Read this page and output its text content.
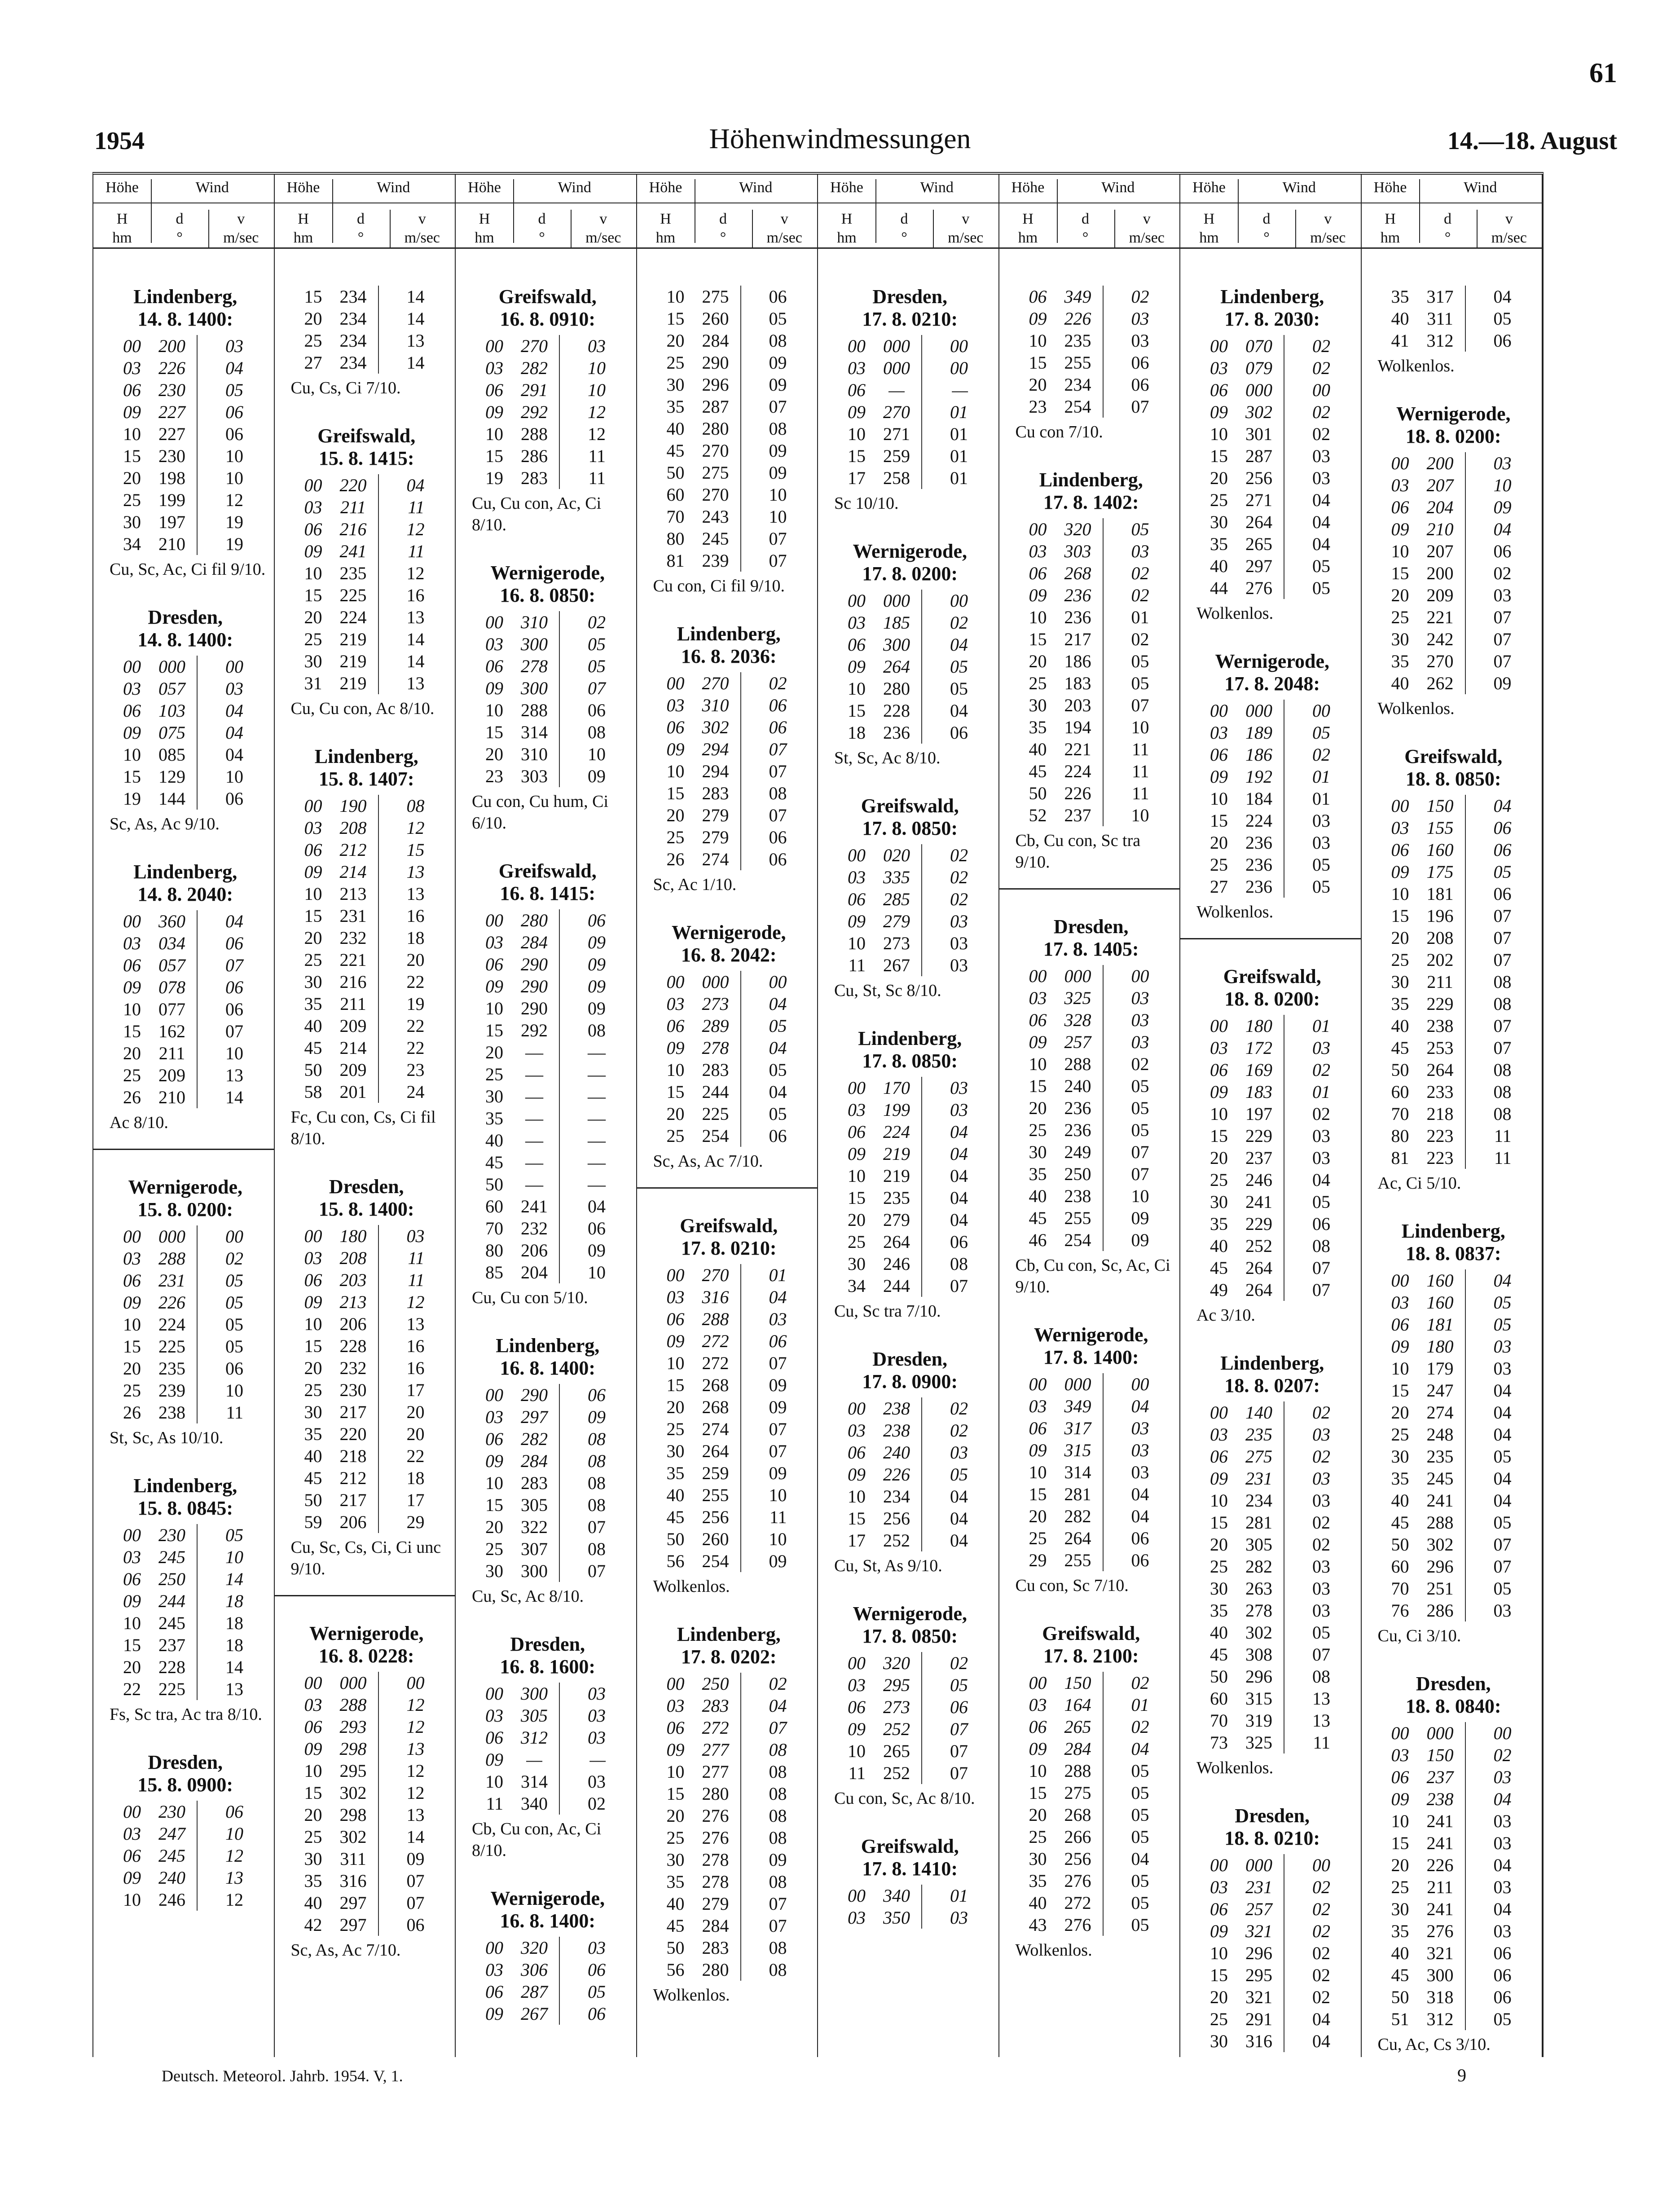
61
1954	Höhenwindmessungen	14.—18. August
Höhe	Wind
H
hm
d
°
v
m/sec
Lindenberg,
14. 8. 1400:
00 200	03
03 226	04
06 230	05
09 227	06
10 227	06
15 230	10
20 198	10
25 199	12
30 197	19
34 210	19
Cu, Sc, Ac, Ci fil 9/10.
Dresden,
14. 8. 1400:
00 000	00
03 057	03
06 103	04
09 075	04
10 085	04
15 129	10
19 144	06
Sc, As, Ac 9/10.
Lindenberg,
14. 8. 2040:
00 360	04
03 034	06
06 057	07
09 078	06
10 077	06
15 162	07
20 211	10
25 209	13
26 210	14
Ac 8/10.
Wernigerode,
15. 8. 0200:
00 000	00
03 288	02
06 231	05
09 226	05
10 224	05
15 225	05
20 235	06
25 239	10
26 238	11
St, Sc, As 10/10.
Lindenberg,
15. 8. 0845:
00 230	05
03 245	10
06 250	14
09 244	18
10 245	18
15 237	18
20 228	14
22 225	13
Fs, Sc tra, Ac tra 8/10.
Dresden,
15. 8. 0900:
00 230	06
03 247	10
06 245	12
09 240	13
10 246	12
Höhe	Wind
H
hm
d
°
v
m/sec
15 234	14
20 234	14
25 234	13
27 234	14
Cu, Cs, Ci 7/10.
Greifswald,
15. 8. 1415:
00 220	04
03	211	11
06 216	12
09 241	11
10 235	12
15 225	16
20 224	13
25 219	14
30 219	14
31 219	13
Cu, Cu con, Ac 8/10.
Lindenberg,
15. 8. 1407:
00 190	08
03 208	12
06 212	15
09 214	13
10 213	13
15 231	16
20 232	18
25 221	20
30 216	22
35 211	19
40 209	22
45 214	22
50 209	23
58 201	24
Fc, Cu con, Cs, Ci fil 8/10.
Dresden,
15. 8. 1400:
00 180	03
03 208	11
06 203	11
09 213	12
10 206	13
15 228	16
20 232	16
25 230	17
30 217	20
35 220	20
40 218	22
45 212	18
50 217	17
59 206	29
Cu, Sc, Cs, Ci, Ci unc 9/10.
Wernigerode,
16. 8. 0228:
00 000	00
03 288	12
06 293	12
09 298	13
10 295	12
15 302	12
20 298	13
25 302	14
30 311	09
35 316	07
40 297	07
42 297	06
Sc, As, Ac 7/10.
Höhe	Wind
H
hm
d
°
v
m/sec
Greifswald,
16. 8. 0910:
00 270	03
03 282	10
06 291	10
09 292	12
10 288	12
15 286	11
19 283	11
Cu, Cu con, Ac, Ci 8/10.
Wernigerode,
16. 8. 0850:
00 310	02
03 300	05
06 278	05
09 300	07
10 288	06
15 314	08
20 310	10
23 303	09
Cu con, Cu hum, Ci 6/10.
Greifswald,
16. 8. 1415:
00 280	06
03 284	09
06 290	09
09 290	09
10 290	09
15 292	08
20	—	—
25	—	—
30	—	—
35	—	—
40	—	—
45	—	—
50	—	—
60 241	04
70 232	06
80 206	09
85 204	10
Cu, Cu con 5/10.
Lindenberg,
16. 8. 1400:
00 290	06
03 297	09
06 282	08
09 284	08
10 283	08
15 305	08
20 322	07
25 307	08
30 300	07
Cu, Sc, Ac 8/10.
Dresden,
16. 8. 1600:
00 300	03
03 305	03
06 312	03
09	—	—
10 314	03
11 340	02
Cb, Cu con, Ac, Ci 8/10.
Wernigerode,
16. 8. 1400:
00 320	03
03 306	06
06 287	05
09 267	06
Höhe	Wind
H
hm
d
°
v
m/sec
10 275	06
15 260	05
20 284	08
25 290	09
30 296	09
35 287	07
40 280	08
45 270	09
50 275	09
60 270	10
70 243	10
80 245	07
81 239	07
Cu con, Ci fil 9/10.
Lindenberg,
16. 8. 2036:
00 270	02
03 310	06
06 302	06
09 294	07
10 294	07
15 283	08
20 279	07
25 279	06
26 274	06
Sc, Ac 1/10.
Wernigerode,
16. 8. 2042:
00 000	00
03 273	04
06 289	05
09 278	04
10 283	05
15 244	04
20 225	05
25 254	06
Sc, As, Ac 7/10.
Greifswald,
17. 8. 0210:
00 270	01
03 316	04
06 288	03
09 272	06
10 272	07
15 268	09
20 268	09
25 274	07
30 264	07
35 259	09
40 255	10
45 256	11
50 260	10
56 254	09
Wolkenlos.
Lindenberg,
17. 8. 0202:
00 250	02
03 283	04
06 272	07
09 277	08
10 277	08
15 280	08
20 276	08
25 276	08
30 278	09
35 278	08
40 279	07
45 284	07
50 283	08
56 280	08
Wolkenlos.
Höhe	Wind
H
hm
d
°
v
m/sec
Dresden,
17. 8. 0210:
00 000	00
03 000	00
06	—	—
09 270	01
10 271	01
15 259	01
17 258	01
Sc 10/10.
Wernigerode,
17. 8. 0200:
00 000	00
03 185	02
06 300	04
09 264	05
10 280	05
15 228	04
18 236	06
St, Sc, Ac 8/10.
Greifswald,
17. 8. 0850:
00 020	02
03 335	02
06 285	02
09 279	03
10 273	03
11 267	03
Cu, St, Sc 8/10.
Lindenberg,
17. 8. 0850:
00 170	03
03 199	03
06 224	04
09 219	04
10 219	04
15 235	04
20 279	04
25 264	06
30 246	08
34 244	07
Cu, Sc tra 7/10.
Dresden,
17. 8. 0900:
00 238	02
03 238	02
06 240	03
09 226	05
10 234	04
15 256	04
17 252	04
Cu, St, As 9/10.
Wernigerode,
17. 8. 0850:
00 320	02
03 295	05
06 273	06
09 252	07
10 265	07
11 252	07
Cu con, Sc, Ac 8/10.
Greifswald,
17. 8. 1410:
00 340	01
03 350	03
Höhe	Wind
H
hm
d
°
v
m/sec
06 349	02
09 226	03
10 235	03
15 255	06
20 234	06
23 254	07
Cu con 7/10.
Lindenberg,
17. 8. 1402:
00 320	05
03 303	03
06 268	02
09 236	02
10 236	01
15 217	02
20 186	05
25 183	05
30 203	07
35 194	10
40 221	11
45 224	11
50 226	11
52 237	10
Cb, Cu con, Sc tra 9/10.
Dresden,
17. 8. 1405:
00 000	00
03 325	03
06 328	03
09 257	03
10 288	02
15 240	05
20 236	05
25 236	05
30 249	07
35 250	07
40 238	10
45 255	09
46 254	09
Cb, Cu con, Sc, Ac, Ci 9/10.
Wernigerode,
17. 8. 1400:
00 000	00
03 349	04
06 317	03
09 315	03
10 314	03
15 281	04
20 282	04
25 264	06
29 255	06
Cu con, Sc 7/10.
Greifswald,
17. 8. 2100:
00 150	02
03 164	01
06 265	02
09 284	04
10 288	05
15 275	05
20 268	05
25 266	05
30 256	04
35 276	05
40 272	05
43 276	05
Wolkenlos.
Höhe	Wind
H
hm
d
°
v
m/sec
Lindenberg,
17. 8. 2030:
00 070	02
03 079	02
06 000	00
09 302	02
10 301	02
15 287	03
20 256	03
25 271	04
30 264	04
35 265	04
40 297	05
44 276	05
Wolkenlos.
Wernigerode,
17. 8. 2048:
00 000	00
03 189	05
06 186	02
09 192	01
10 184	01
15 224	03
20 236	03
25 236	05
27 236	05
Wolkenlos.
Greifswald,
18. 8. 0200:
00 180	01
03 172	03
06 169	02
09 183	01
10 197	02
15 229	03
20 237	03
25 246	04
30 241	05
35 229	06
40 252	08
45 264	07
49 264	07
Ac 3/10.
Lindenberg,
18. 8. 0207:
00 140	02
03 235	03
06 275	02
09 231	03
10 234	03
15 281	02
20 305	02
25 282	03
30 263	03
35 278	03
40 302	05
45 308	07
50 296	08
60 315	13
70 319	13
73 325	11
Wolkenlos.
Dresden,
18. 8. 0210:
00 000	00
03 231	02
06 257	02
09 321	02
10 296	02
15 295	02
20 321	02
25 291	04
30 316	04
Höhe	Wind
H
hm
d
°
v
m/sec
35 317	04
40 311	05
41 312	06
Wolkenlos.
Wernigerode,
18. 8. 0200:
00 200	03
03 207	10
06 204	09
09 210	04
10 207	06
15 200	02
20 209	03
25 221	07
30 242	07
35 270	07
40 262	09
Wolkenlos.
Greifswald,
18. 8. 0850:
00 150	04
03 155	06
06 160	06
09 175	05
10 181	06
15 196	07
20 208	07
25 202	07
30 211	08
35 229	08
40 238	07
45 253	07
50 264	08
60 233	08
70 218	08
80 223	11
81 223	11
Ac, Ci 5/10.
Lindenberg,
18. 8. 0837:
00 160	04
03 160	05
06 181	05
09 180	03
10 179	03
15 247	04
20 274	04
25 248	04
30 235	05
35 245	04
40 241	04
45 288	05
50 302	07
60 296	07
70 251	05
76 286	03
Cu, Ci 3/10.
Dresden,
18. 8. 0840:
00 000	00
03 150	02
06 237	03
09 238	04
10 241	03
15 241	03
20 226	04
25 211	03
30 241	04
35 276	03
40 321	06
45 300	06
50 318	06
51 312	05
Cu, Ac, Cs 3/10.
Deutsch. Meteorol. Jahrb. 1954. V, 1.	9
